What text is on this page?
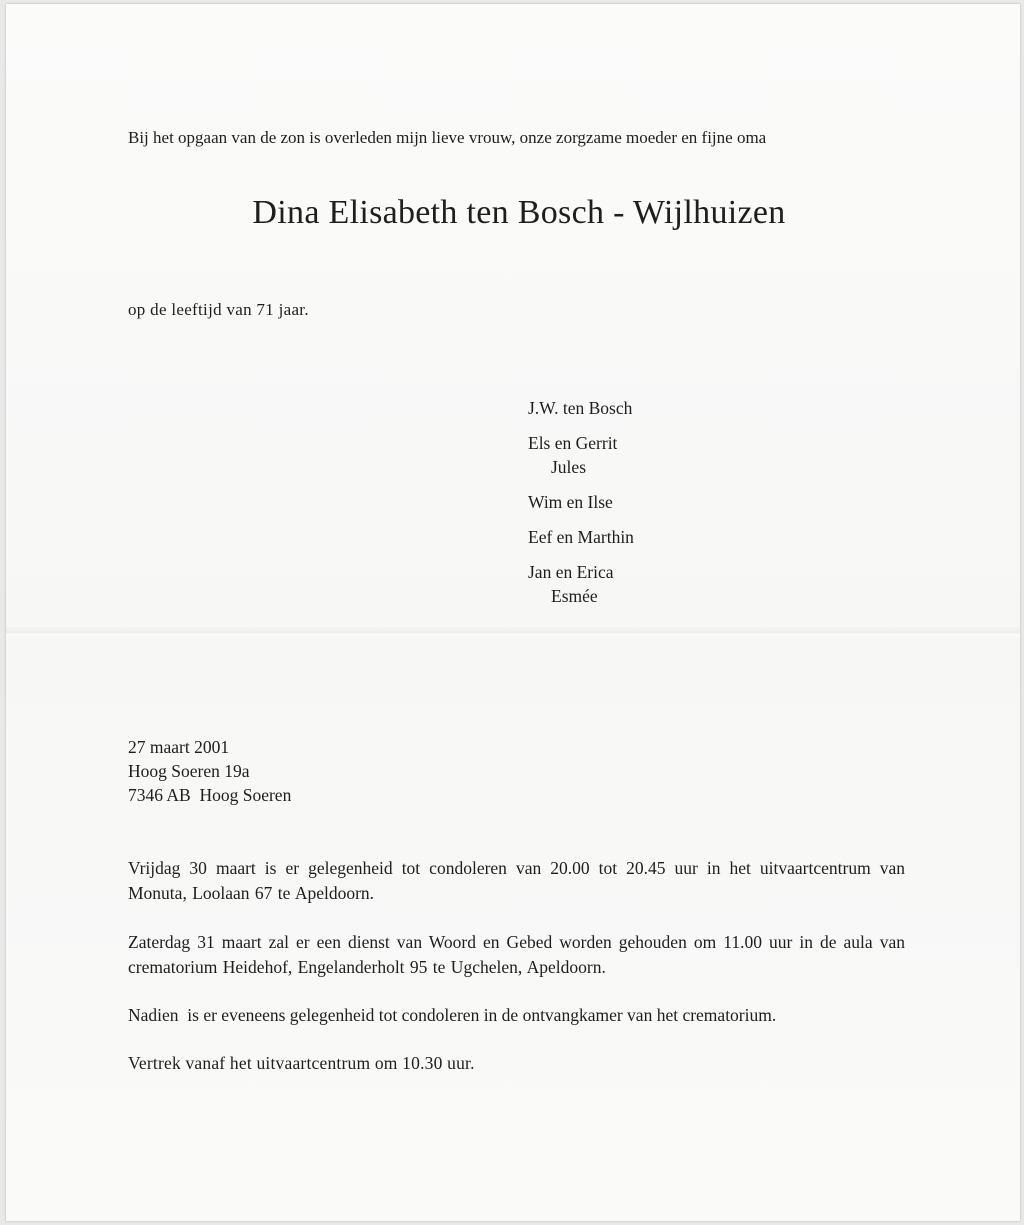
Bij het opgaan van de zon is overleden mijn lieve vrouw, onze zorgzame moeder en fijne oma

Dina Elisabeth ten Bosch - Wijlhuizen

op de leeftijd van 71 jaar.

J.W. ten Bosch
Els en Gerrit
Jules
Wim en Ilse
Eef en Marthin
Jan en Erica
Esmée
27 maart 2001
Hoog Soeren 19a
7346 AB  Hoog Soeren

Vrijdag 30 maart is er gelegenheid tot condoleren van 20.00 tot 20.45 uur in het uitvaartcentrum van Monuta, Loolaan 67 te Apeldoorn.

Zaterdag 31 maart zal er een dienst van Woord en Gebed worden gehouden om 11.00 uur in de aula van crematorium Heidehof, Engelanderholt 95 te Ugchelen, Apeldoorn.

Nadien  is er eveneens gelegenheid tot condoleren in de ontvangkamer van het crematorium.

Vertrek vanaf het uitvaartcentrum om 10.30 uur.
